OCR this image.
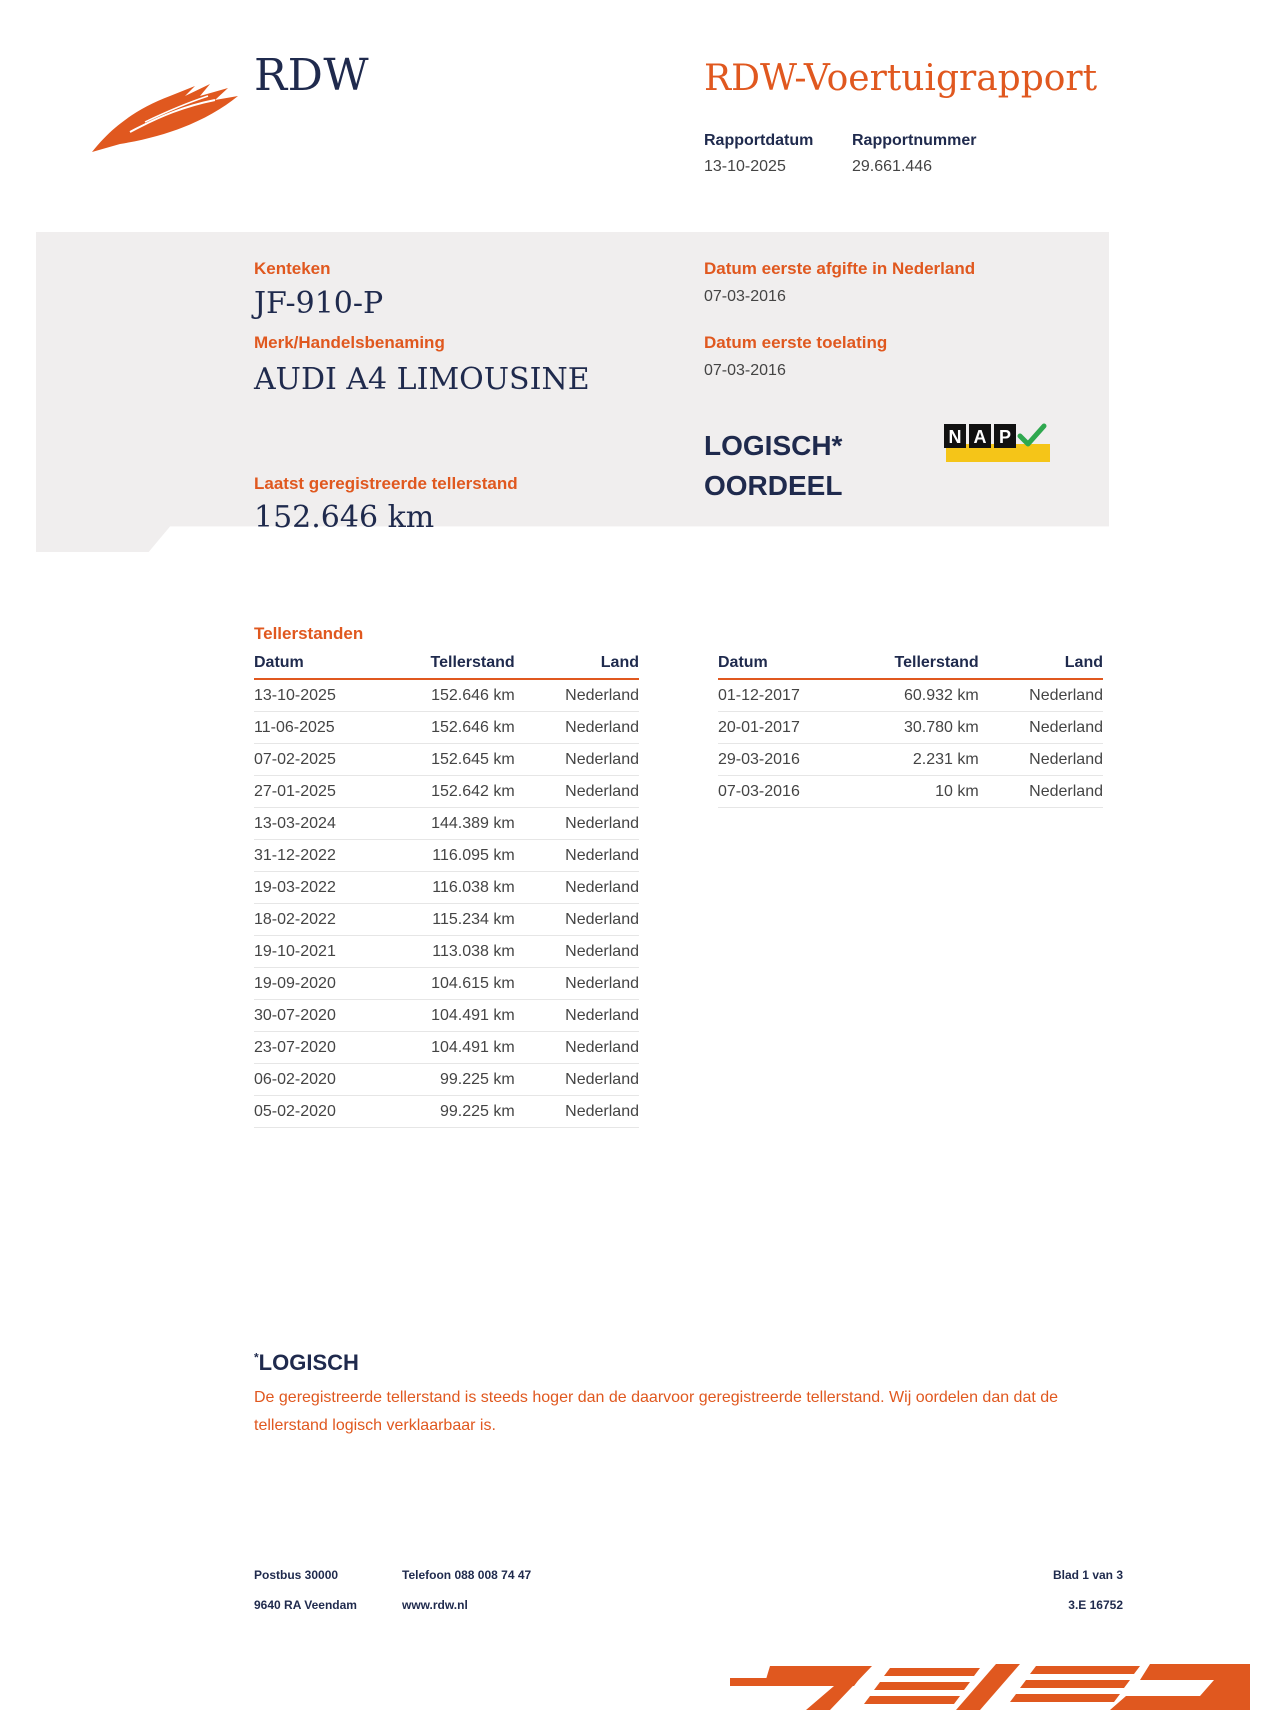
RDW	RDW-Voertuigrapport
Rapportdatum
13-10-2025
Rapportnummer
29.661.446
Kenteken
JF-910-P
Merk/Handelsbenaming
AUDI A4 LIMOUSINE
Laatst geregistreerde tellerstand
152.646 km
Datum eerste afgifte in Nederland
07-03-2016
Datum eerste toelating
07-03-2016
LOGISCH*
OORDEEL
N A P
Tellerstanden
Datum	Tellerstand	Land
13-10-2025	152.646 km	Nederland
11-06-2025	152.646 km	Nederland
07-02-2025	152.645 km	Nederland
27-01-2025	152.642 km	Nederland
13-03-2024	144.389 km	Nederland
31-12-2022	116.095 km	Nederland
19-03-2022	116.038 km	Nederland
18-02-2022	115.234 km	Nederland
19-10-2021	113.038 km	Nederland
19-09-2020	104.615 km	Nederland
30-07-2020	104.491 km	Nederland
23-07-2020	104.491 km	Nederland
06-02-2020	99.225 km	Nederland
05-02-2020	99.225 km	Nederland
Datum	Tellerstand	Land
01-12-2017	60.932 km	Nederland
20-01-2017	30.780 km	Nederland
29-03-2016	2.231 km	Nederland
07-03-2016	10 km	Nederland
*LOGISCH
De geregistreerde tellerstand is steeds hoger dan de daarvoor geregistreerde tellerstand. Wij oordelen dan dat de tellerstand logisch verklaarbaar is.
Postbus 30000
9640 RA Veendam
Telefoon 088 008 74 47
www.rdw.nl
Blad 1 van 3
3.E 16752
